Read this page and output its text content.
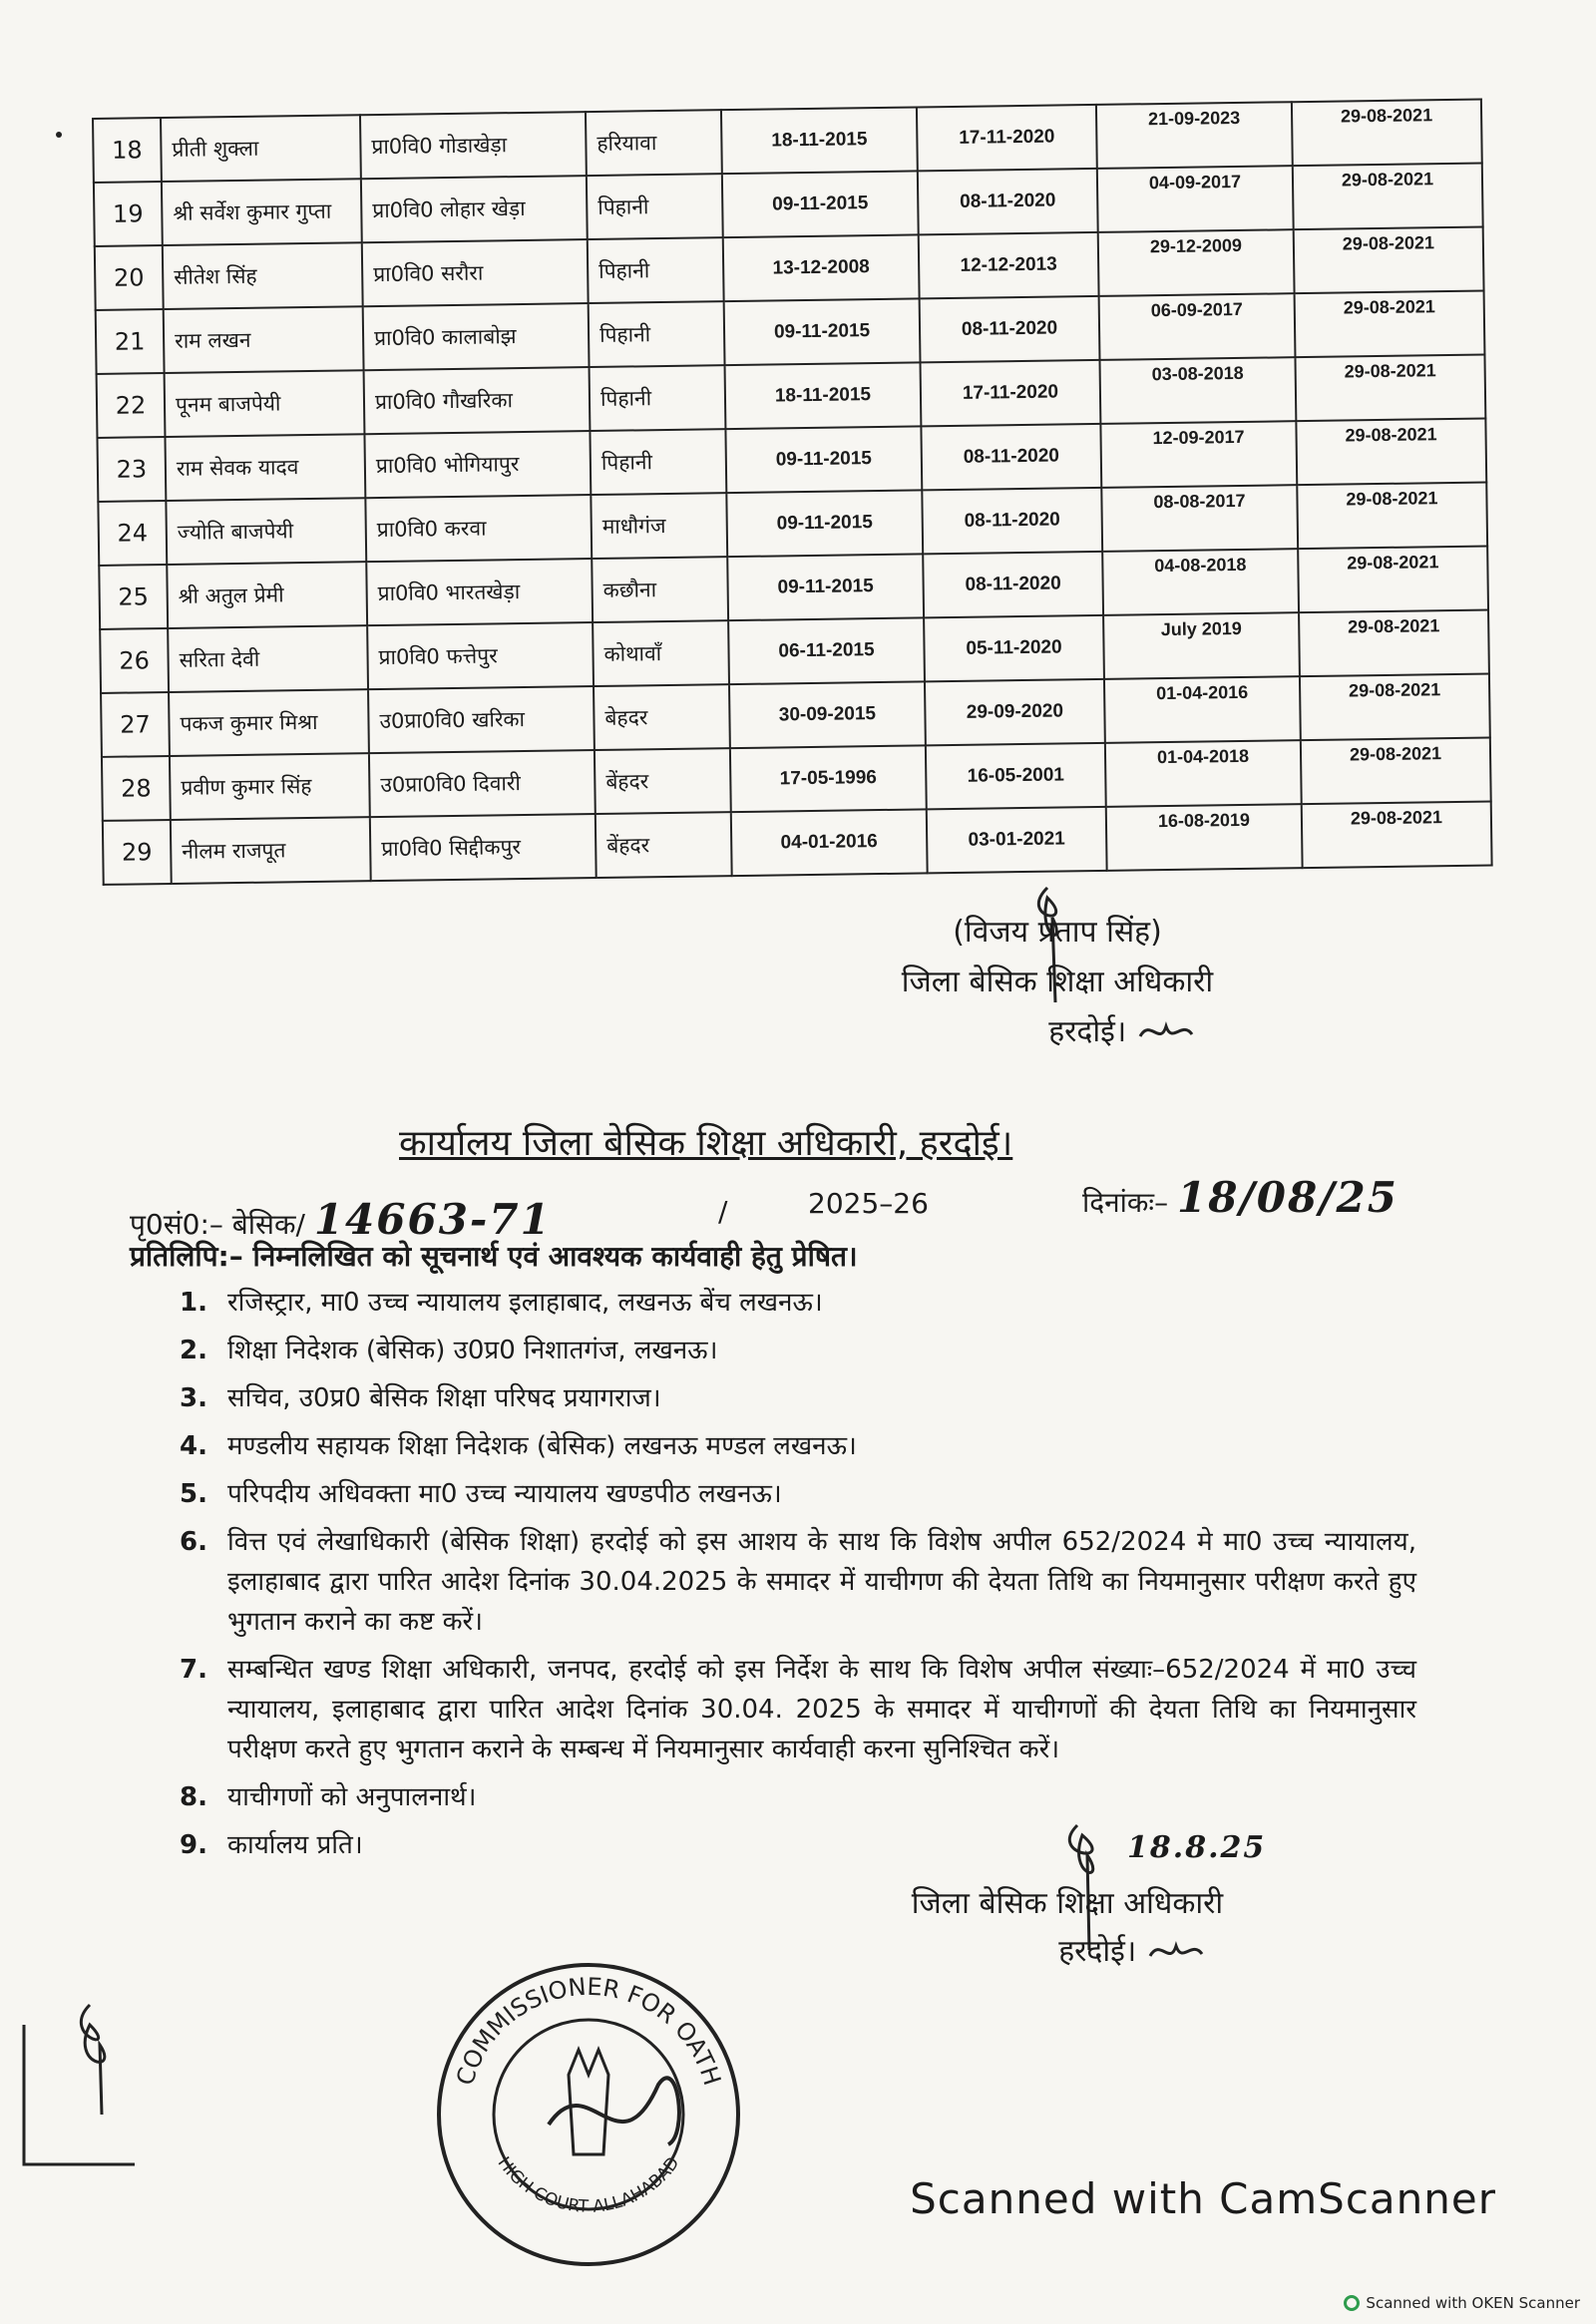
18	प्रीती शुक्ला	प्रा0वि0 गोडाखेड़ा	हरियावा	18-11-2015	17-11-2020	21-09-2023	29-08-2021
19	श्री सर्वेश कुमार गुप्ता	प्रा0वि0 लोहार खेड़ा	पिहानी	09-11-2015	08-11-2020	04-09-2017	29-08-2021
20	सीतेश सिंह	प्रा0वि0 सरौरा	पिहानी	13-12-2008	12-12-2013	29-12-2009	29-08-2021
21	राम लखन	प्रा0वि0 कालाबोझ	पिहानी	09-11-2015	08-11-2020	06-09-2017	29-08-2021
22	पूनम बाजपेयी	प्रा0वि0 गौखरिका	पिहानी	18-11-2015	17-11-2020	03-08-2018	29-08-2021
23	राम सेवक यादव	प्रा0वि0 भोगियापुर	पिहानी	09-11-2015	08-11-2020	12-09-2017	29-08-2021
24	ज्योति बाजपेयी	प्रा0वि0 करवा	माधौगंज	09-11-2015	08-11-2020	08-08-2017	29-08-2021
25	श्री अतुल प्रेमी	प्रा0वि0 भारतखेड़ा	कछौना	09-11-2015	08-11-2020	04-08-2018	29-08-2021
26	सरिता देवी	प्रा0वि0 फत्तेपुर	कोथावाँ	06-11-2015	05-11-2020	July 2019	29-08-2021
27	पकज कुमार मिश्रा	उ0प्रा0वि0 खरिका	बेहदर	30-09-2015	29-09-2020	01-04-2016	29-08-2021
28	प्रवीण कुमार सिंह	उ0प्रा0वि0 दिवारी	बेंहदर	17-05-1996	16-05-2001	01-04-2018	29-08-2021
29	नीलम राजपूत	प्रा0वि0 सिद्दीकपुर	बेंहदर	04-01-2016	03-01-2021	16-08-2019	29-08-2021
(विजय प्रताप सिंह)
जिला बेसिक शिक्षा अधिकारी
हरदोई।
कार्यालय जिला बेसिक शिक्षा अधिकारी, हरदोई।
पृ0सं0:– बेसिक/ 14663-71	/	2025–26	दिनांकः– 18/08/25
प्रतिलिपि:– निम्नलिखित को सूचनार्थ एवं आवश्यक कार्यवाही हेतु प्रेषित।
1. रजिस्ट्रार, मा0 उच्च न्यायालय इलाहाबाद, लखनऊ बेंच लखनऊ।
2. शिक्षा निदेशक (बेसिक) उ0प्र0 निशातगंज, लखनऊ।
3. सचिव, उ0प्र0 बेसिक शिक्षा परिषद प्रयागराज।
4. मण्डलीय सहायक शिक्षा निदेशक (बेसिक) लखनऊ मण्डल लखनऊ।
5. परिपदीय अधिवक्ता मा0 उच्च न्यायालय खण्डपीठ लखनऊ।
6. वित्त एवं लेखाधिकारी (बेसिक शिक्षा) हरदोई को इस आशय के साथ कि विशेष अपील 652/2024 मे मा0 उच्च न्यायालय, इलाहाबाद द्वारा पारित आदेश दिनांक 30.04.2025 के समादर में याचीगण की देयता तिथि का नियमानुसार परीक्षण करते हुए भुगतान कराने का कष्ट करें।
7. सम्बन्धित खण्ड शिक्षा अधिकारी, जनपद, हरदोई को इस निर्देश के साथ कि विशेष अपील संख्याः–652/2024 में मा0 उच्च न्यायालय, इलाहाबाद द्वारा पारित आदेश दिनांक 30.04. 2025 के समादर में याचीगणों की देयता तिथि का नियमानुसार परीक्षण करते हुए भुगतान कराने के सम्बन्ध में नियमानुसार कार्यवाही करना सुनिश्चित करें।
8. याचीगणों को अनुपालनार्थ।
9. कार्यालय प्रति।	18.8.25
जिला बेसिक शिक्षा अधिकारी
हरदोई।
COMMISSIONER FOR OATH
HIGH COURT ALLAHABAD
Scanned with CamScanner
Scanned with OKEN Scanner
